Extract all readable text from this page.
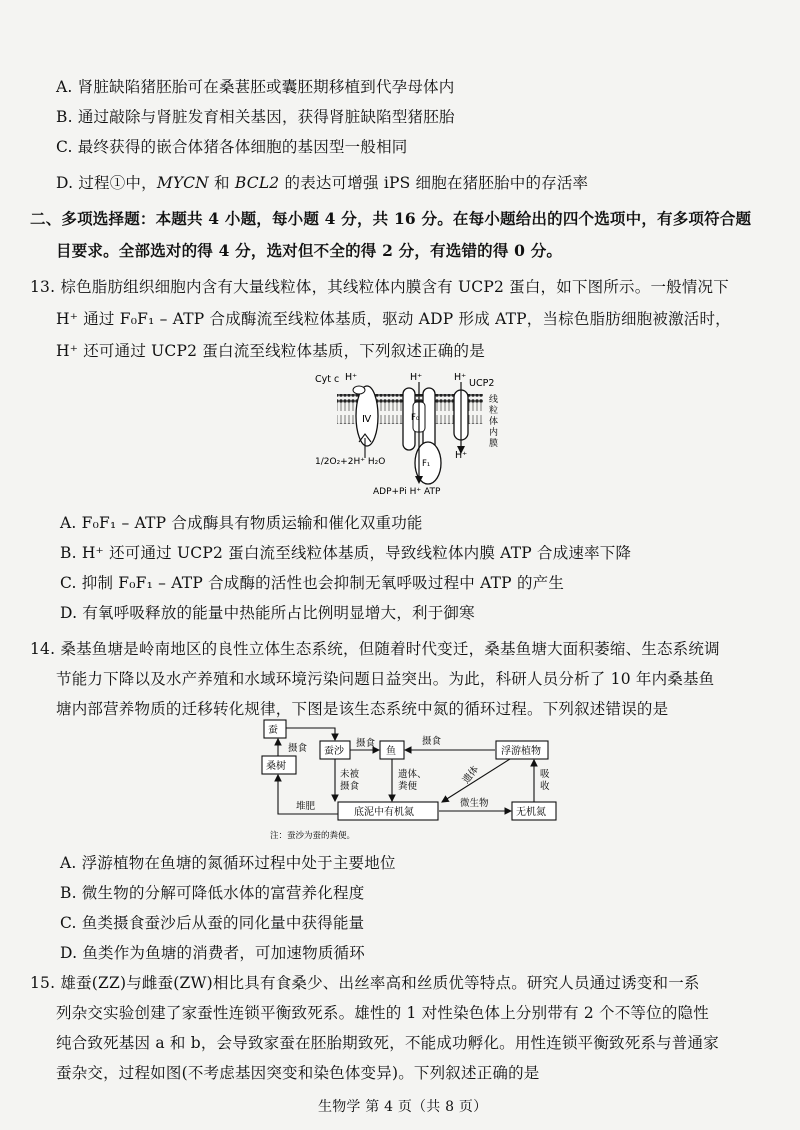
A. 肾脏缺陷猪胚胎可在桑葚胚或囊胚期移植到代孕母体内
B. 通过敲除与肾脏发育相关基因，获得肾脏缺陷型猪胚胎
C. 最终获得的嵌合体猪各体细胞的基因型一般相同
D. 过程①中，MYCN 和 BCL2 的表达可增强 iPS 细胞在猪胚胎中的存活率
二、多项选择题：本题共 4 小题，每小题 4 分，共 16 分。在每小题给出的四个选项中，有多项符合题
目要求。全部选对的得 4 分，选对但不全的得 2 分，有选错的得 0 分。
13. 棕色脂肪组织细胞内含有大量线粒体，其线粒体内膜含有 UCP2 蛋白，如下图所示。一般情况下
H⁺ 通过 F₀F₁ – ATP 合成酶流至线粒体基质，驱动 ADP 形成 ATP，当棕色脂肪细胞被激活时，
H⁺ 还可通过 UCP2 蛋白流至线粒体基质，下列叙述正确的是
Cyt c H⁺	H⁺	H⁺
Ⅳ	F₀
F₁
UCP2
线
粒
体
内
膜
H⁺
1/2O₂+2H⁺ H₂O
ADP+Pi H⁺ ATP
A. F₀F₁ – ATP 合成酶具有物质运输和催化双重功能
B. H⁺ 还可通过 UCP2 蛋白流至线粒体基质，导致线粒体内膜 ATP 合成速率下降
C. 抑制 F₀F₁ – ATP 合成酶的活性也会抑制无氧呼吸过程中 ATP 的产生
D. 有氧呼吸释放的能量中热能所占比例明显增大，利于御寒
14. 桑基鱼塘是岭南地区的良性立体生态系统，但随着时代变迁，桑基鱼塘大面积萎缩、生态系统调
节能力下降以及水产养殖和水域环境污染问题日益突出。为此，科研人员分析了 10 年内桑基鱼
塘内部营养物质的迁移转化规律，下图是该生态系统中氮的循环过程。下列叙述错误的是
蚕
桑树
蚕沙	鱼	浮游植物
底泥中有机氮	无机氮
摄食	摄食	摄食
未被
摄食
遗体、
粪便
遗体	吸
收
微生物
堆肥
注：蚕沙为蚕的粪便。
A. 浮游植物在鱼塘的氮循环过程中处于主要地位
B. 微生物的分解可降低水体的富营养化程度
C. 鱼类摄食蚕沙后从蚕的同化量中获得能量
D. 鱼类作为鱼塘的消费者，可加速物质循环
15. 雄蚕(ZZ)与雌蚕(ZW)相比具有食桑少、出丝率高和丝质优等特点。研究人员通过诱变和一系
列杂交实验创建了家蚕性连锁平衡致死系。雄性的 1 对性染色体上分别带有 2 个不等位的隐性
纯合致死基因 a 和 b，会导致家蚕在胚胎期致死，不能成功孵化。用性连锁平衡致死系与普通家
蚕杂交，过程如图(不考虑基因突变和染色体变异)。下列叙述正确的是
生物学 第 4 页（共 8 页）
